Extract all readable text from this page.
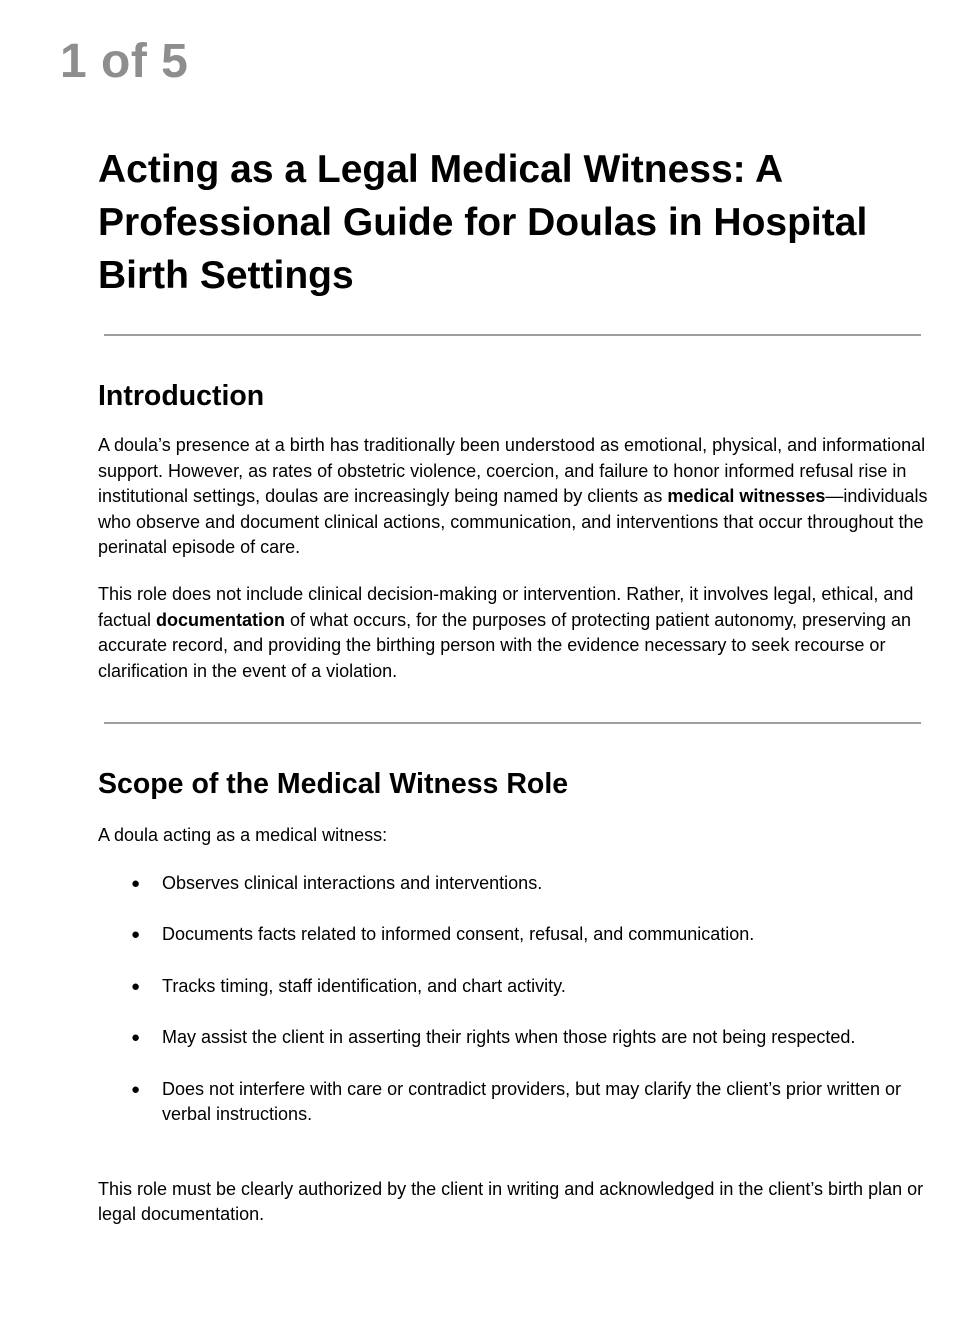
1 of 5
Acting as a Legal Medical Witness: A Professional Guide for Doulas in Hospital Birth Settings
Introduction

A doula’s presence at a birth has traditionally been understood as emotional, physical, and informational support. However, as rates of obstetric violence, coercion, and failure to honor informed refusal rise in institutional settings, doulas are increasingly being named by clients as medical witnesses—individuals who observe and document clinical actions, communication, and interventions that occur throughout the perinatal episode of care.

This role does not include clinical decision-making or intervention. Rather, it involves legal, ethical, and factual documentation of what occurs, for the purposes of protecting patient autonomy, preserving an accurate record, and providing the birthing person with the evidence necessary to seek recourse or clarification in the event of a violation.

Scope of the Medical Witness Role

A doula acting as a medical witness:

● Observes clinical interactions and interventions.
● Documents facts related to informed consent, refusal, and communication.
● Tracks timing, staff identification, and chart activity.
● May assist the client in asserting their rights when those rights are not being respected.
● Does not interfere with care or contradict providers, but may clarify the client’s prior written or verbal instructions.

This role must be clearly authorized by the client in writing and acknowledged in the client’s birth plan or legal documentation.
